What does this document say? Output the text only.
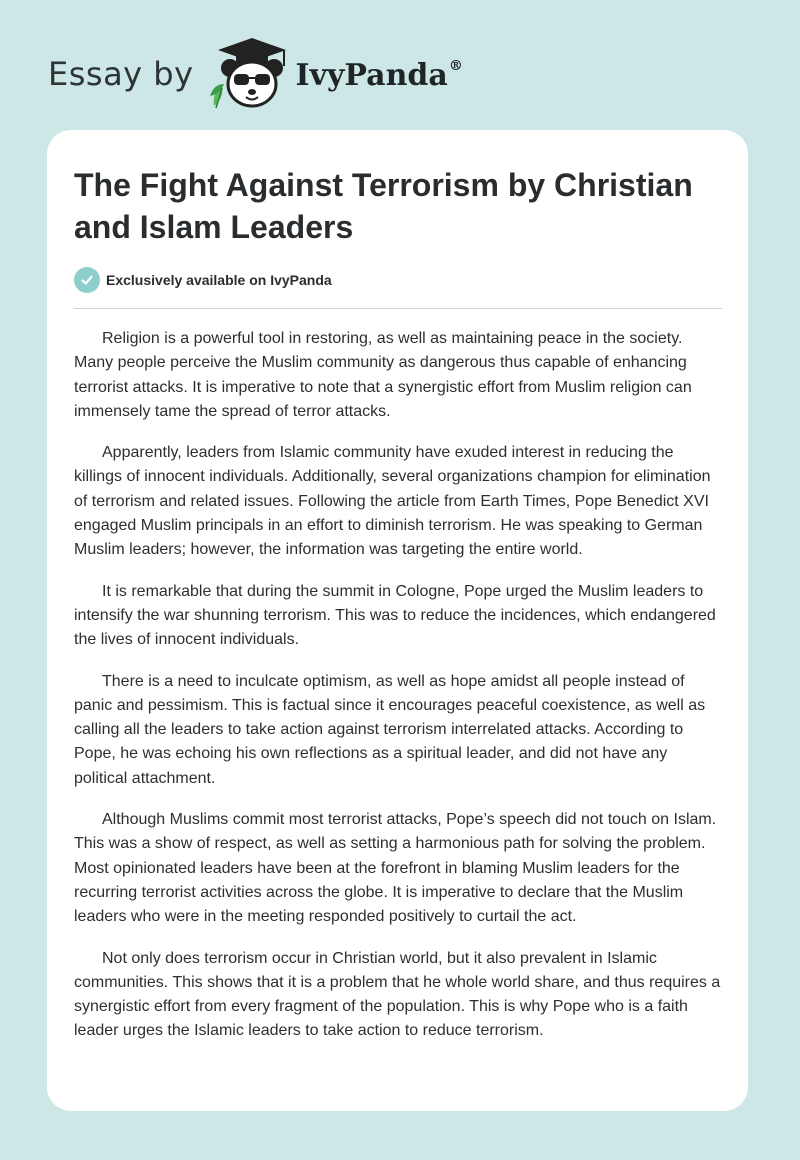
Essay by	IvyPanda®
The Fight Against Terrorism by Christian and Islam Leaders
Exclusively available on IvyPanda

Religion is a powerful tool in restoring, as well as maintaining peace in the society. Many people perceive the Muslim community as dangerous thus capable of enhancing terrorist attacks. It is imperative to note that a synergistic effort from Muslim religion can immensely tame the spread of terror attacks.

Apparently, leaders from Islamic community have exuded interest in reducing the killings of innocent individuals. Additionally, several organizations champion for elimination of terrorism and related issues. Following the article from Earth Times, Pope Benedict XVI engaged Muslim principals in an effort to diminish terrorism. He was speaking to German Muslim leaders; however, the information was targeting the entire world.

It is remarkable that during the summit in Cologne, Pope urged the Muslim leaders to intensify the war shunning terrorism. This was to reduce the incidences, which endangered the lives of innocent individuals.

There is a need to inculcate optimism, as well as hope amidst all people instead of panic and pessimism. This is factual since it encourages peaceful coexistence, as well as calling all the leaders to take action against terrorism interrelated attacks. According to Pope, he was echoing his own reflections as a spiritual leader, and did not have any political attachment.

Although Muslims commit most terrorist attacks, Pope’s speech did not touch on Islam. This was a show of respect, as well as setting a harmonious path for solving the problem. Most opinionated leaders have been at the forefront in blaming Muslim leaders for the recurring terrorist activities across the globe. It is imperative to declare that the Muslim leaders who were in the meeting responded positively to curtail the act.

Not only does terrorism occur in Christian world, but it also prevalent in Islamic communities. This shows that it is a problem that he whole world share, and thus requires a synergistic effort from every fragment of the population. This is why Pope who is a faith leader urges the Islamic leaders to take action to reduce terrorism.
